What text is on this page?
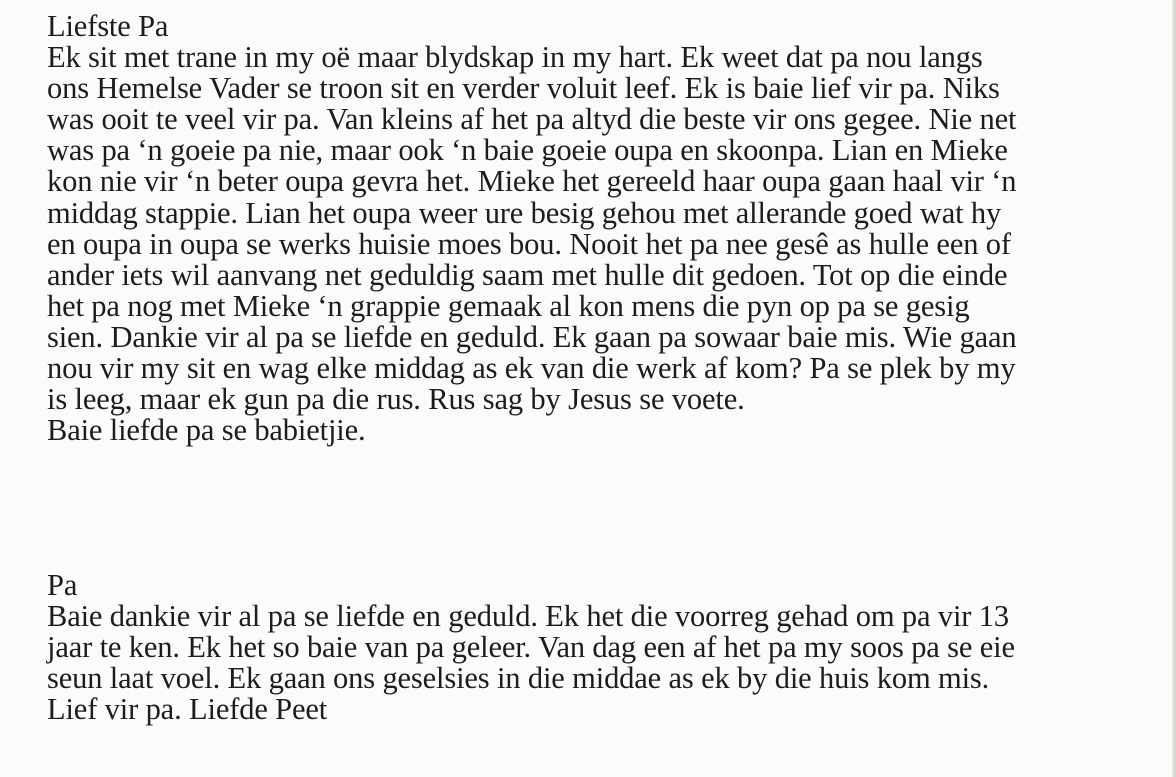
Liefste Pa
Ek sit met trane in my oë maar blydskap in my hart. Ek weet dat pa nou langs
ons Hemelse Vader se troon sit en verder voluit leef. Ek is baie lief vir pa. Niks
was ooit te veel vir pa. Van kleins af het pa altyd die beste vir ons gegee. Nie net
was pa ‘n goeie pa nie, maar ook ‘n baie goeie oupa en skoonpa. Lian en Mieke
kon nie vir ‘n beter oupa gevra het. Mieke het gereeld haar oupa gaan haal vir ‘n
middag stappie. Lian het oupa weer ure besig gehou met allerande goed wat hy
en oupa in oupa se werks huisie moes bou. Nooit het pa nee gesê as hulle een of
ander iets wil aanvang net geduldig saam met hulle dit gedoen. Tot op die einde
het pa nog met Mieke ‘n grappie gemaak al kon mens die pyn op pa se gesig
sien. Dankie vir al pa se liefde en geduld. Ek gaan pa sowaar baie mis. Wie gaan
nou vir my sit en wag elke middag as ek van die werk af kom? Pa se plek by my
is leeg, maar ek gun pa die rus. Rus sag by Jesus se voete.
Baie liefde pa se babietjie.
Pa
Baie dankie vir al pa se liefde en geduld. Ek het die voorreg gehad om pa vir 13
jaar te ken. Ek het so baie van pa geleer. Van dag een af het pa my soos pa se eie
seun laat voel. Ek gaan ons geselsies in die middae as ek by die huis kom mis.
Lief vir pa. Liefde Peet
